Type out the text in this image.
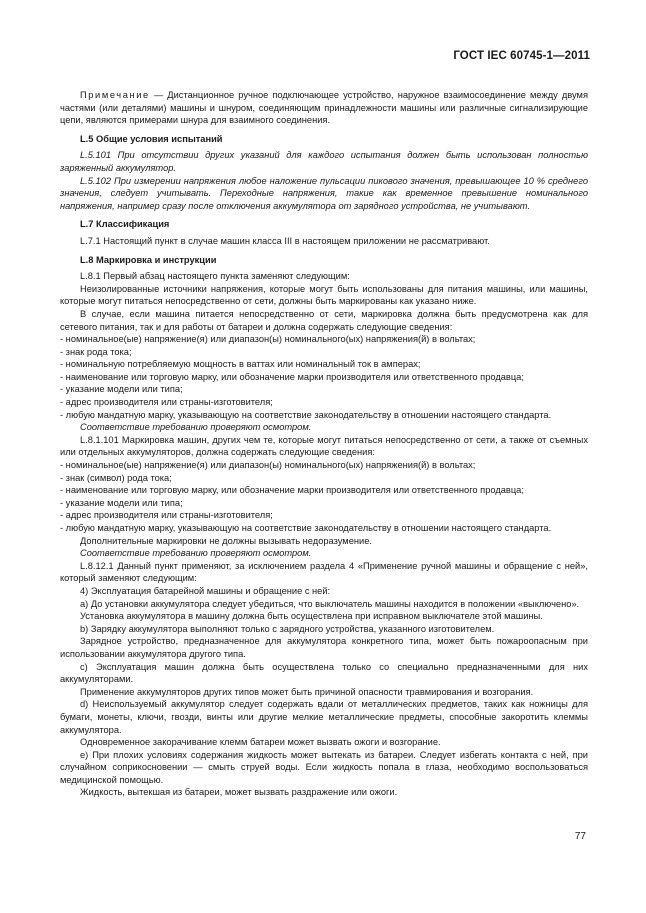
ГОСТ IEC 60745-1—2011

Примечание — Дистанционное ручное подключающее устройство, наружное взаимосоединение между двумя частями (или деталями) машины и шнуром, соединяющим принадлежности машины или различные сигнализирующие цепи, являются примерами шнура для взаимного соединения.

L.5 Общие условия испытаний

L.5.101 При отсутствии других указаний для каждого испытания должен быть использован полностью заряженный аккумулятор.

L.5.102 При измерении напряжения любое наложение пульсации пикового значения, превышающее 10 % среднего значения, следует учитывать. Переходные напряжения, такие как временное превышение номинального напряжения, например сразу после отключения аккумулятора от зарядного устройства, не учитывают.

L.7 Классификация

L.7.1 Настоящий пункт в случае машин класса III в настоящем приложении не рассматривают.

L.8 Маркировка и инструкции

L.8.1 Первый абзац настоящего пункта заменяют следующим:

Неизолированные источники напряжения, которые могут быть использованы для питания машины, или машины, которые могут питаться непосредственно от сети, должны быть маркированы как указано ниже.

В случае, если машина питается непосредственно от сети, маркировка должна быть предусмотрена как для сетевого питания, так и для работы от батареи и должна содержать следующие сведения:

- номинальное(ые) напряжение(я) или диапазон(ы) номинального(ых) напряжения(й) в вольтах;

- знак рода тока;

- номинальную потребляемую мощность в ваттах или номинальный ток в амперах;

- наименование или торговую марку, или обозначение марки производителя или ответственного продавца;

- указание модели или типа;

- адрес производителя или страны-изготовителя;

- любую мандатную марку, указывающую на соответствие законодательству в отношении настоящего стандарта.

Соответствие требованию проверяют осмотром.

L.8.1.101 Маркировка машин, других чем те, которые могут питаться непосредственно от сети, а также от съемных или отдельных аккумуляторов, должна содержать следующие сведения:

- номинальное(ые) напряжение(я) или диапазон(ы) номинального(ых) напряжения(й) в вольтах;

- знак (символ) рода тока;

- наименование или торговую марку, или обозначение марки производителя или ответственного продавца;

- указание модели или типа;

- адрес производителя или страны-изготовителя;

- любую мандатную марку, указывающую на соответствие законодательству в отношении настоящего стандарта.

Дополнительные маркировки не должны вызывать недоразумение.

Соответствие требованию проверяют осмотром.

L.8.12.1 Данный пункт применяют, за исключением раздела 4 «Применение ручной машины и обращение с ней», который заменяют следующим:

4) Эксплуатация батарейной машины и обращение с ней:

а) До установки аккумулятора следует убедиться, что выключатель машины находится в положении «выключено».

Установка аккумулятора в машину должна быть осуществлена при исправном выключателе этой машины.

b) Зарядку аккумулятора выполняют только с зарядного устройства, указанного изготовителем.

Зарядное устройство, предназначенное для аккумулятора конкретного типа, может быть пожароопасным при использовании аккумулятора другого типа.

с) Эксплуатация машин должна быть осуществлена только со специально предназначенными для них аккумуляторами.

Применение аккумуляторов других типов может быть причиной опасности травмирования и возгорания.

d) Неиспользуемый аккумулятор следует содержать вдали от металлических предметов, таких как ножницы для бумаги, монеты, ключи, гвозди, винты или другие мелкие металлические предметы, способные закоротить клеммы аккумулятора.

Одновременное закорачивание клемм батареи может вызвать ожоги и возгорание.

е) При плохих условиях содержания жидкость может вытекать из батареи. Следует избегать контакта с ней, при случайном соприкосновении — смыть струей воды. Если жидкость попала в глаза, необходимо воспользоваться медицинской помощью.

Жидкость, вытекшая из батареи, может вызвать раздражение или ожоги.

77
